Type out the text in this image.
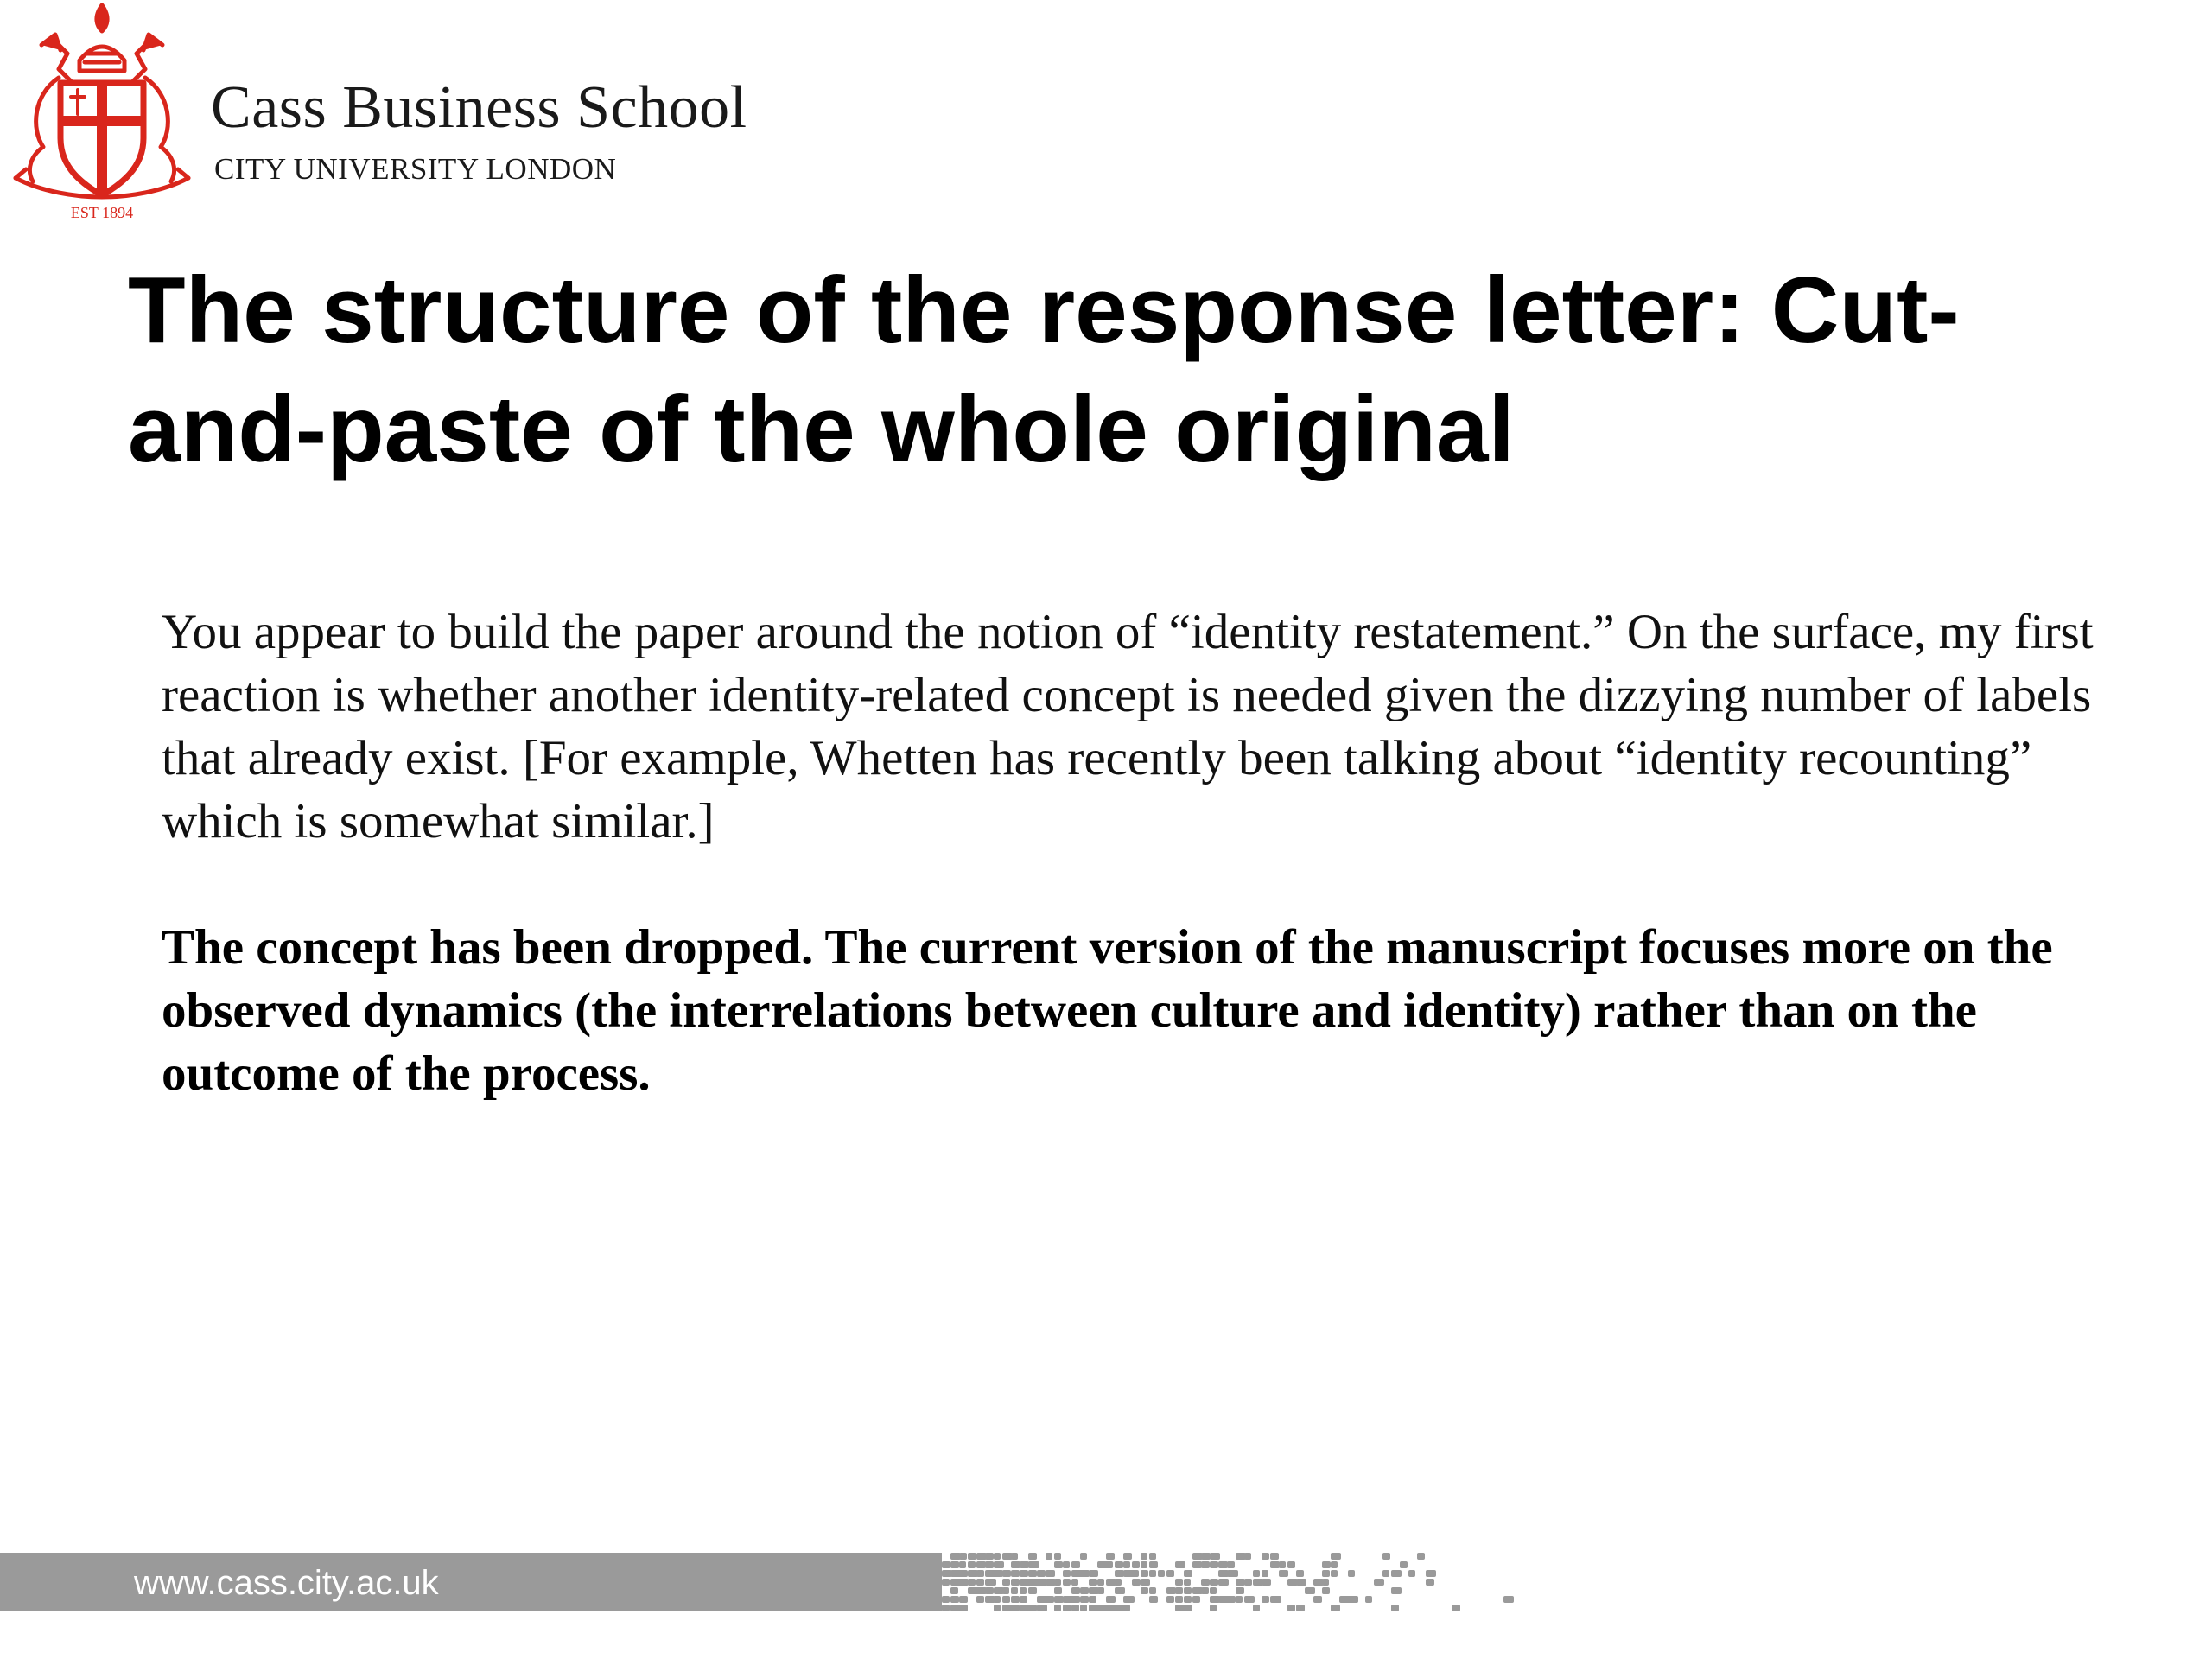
EST 1894
Cass Business School
CITY UNIVERSITY LONDON
The structure of the response letter: Cut-and-paste of the whole original

You appear to build the paper around the notion of “identity restatement.” On the surface, my first reaction is whether another identity-related concept is needed given the dizzying number of labels that already exist. [For example, Whetten has recently been talking about “identity recounting” which is somewhat similar.]

The concept has been dropped. The current version of the manuscript focuses more on the observed dynamics (the interrelations between culture and identity) rather than on the outcome of the process.

www.cass.city.ac.uk
